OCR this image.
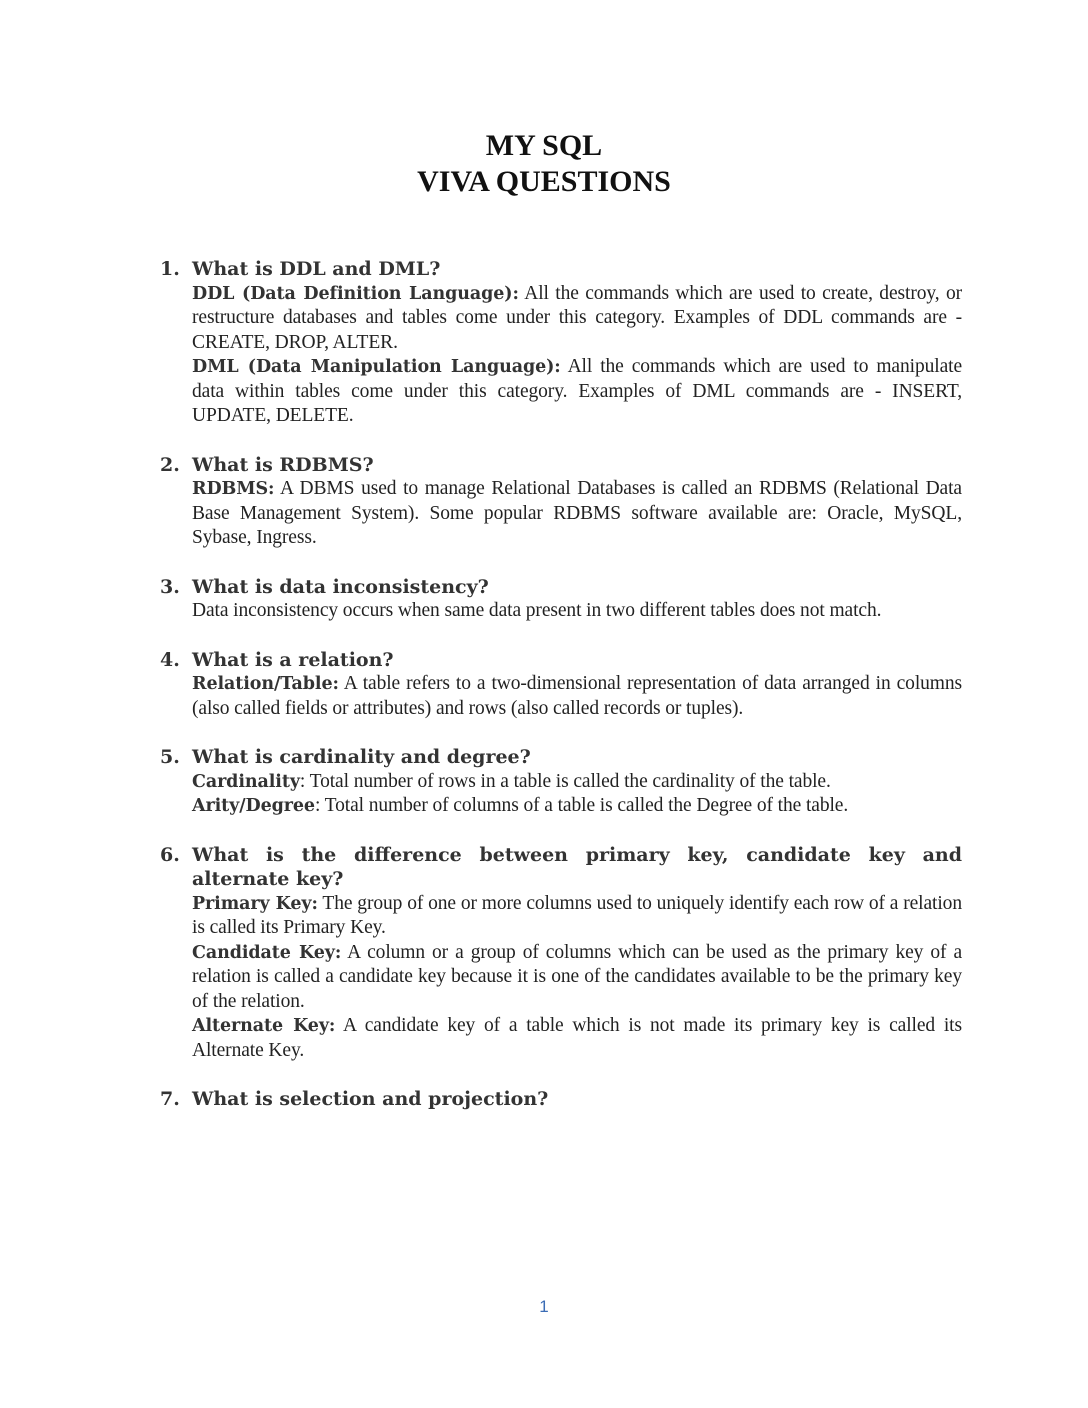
MY SQL
VIVA QUESTIONS
1. What is DDL and DML?
DDL (Data Definition Language): All the commands which are used to create, destroy, or restructure databases and tables come under this category. Examples of DDL commands are - CREATE, DROP, ALTER.
DML (Data Manipulation Language): All the commands which are used to manipulate data within tables come under this category. Examples of DML commands are - INSERT, UPDATE, DELETE.
2. What is RDBMS?
RDBMS: A DBMS used to manage Relational Databases is called an RDBMS (Relational Data Base Management System). Some popular RDBMS software available are: Oracle, MySQL, Sybase, Ingress.
3. What is data inconsistency?
Data inconsistency occurs when same data present in two different tables does not match.
4. What is a relation?
Relation/Table: A table refers to a two-dimensional representation of data arranged in columns (also called fields or attributes) and rows (also called records or tuples).
5. What is cardinality and degree?
Cardinality: Total number of rows in a table is called the cardinality of the table.
Arity/Degree: Total number of columns of a table is called the Degree of the table.
6. What is the difference between primary key, candidate key and alternate key?
Primary Key: The group of one or more columns used to uniquely identify each row of a relation is called its Primary Key.
Candidate Key: A column or a group of columns which can be used as the primary key of a relation is called a candidate key because it is one of the candidates available to be the primary key of the relation.
Alternate Key: A candidate key of a table which is not made its primary key is called its Alternate Key.
7. What is selection and projection?
1
